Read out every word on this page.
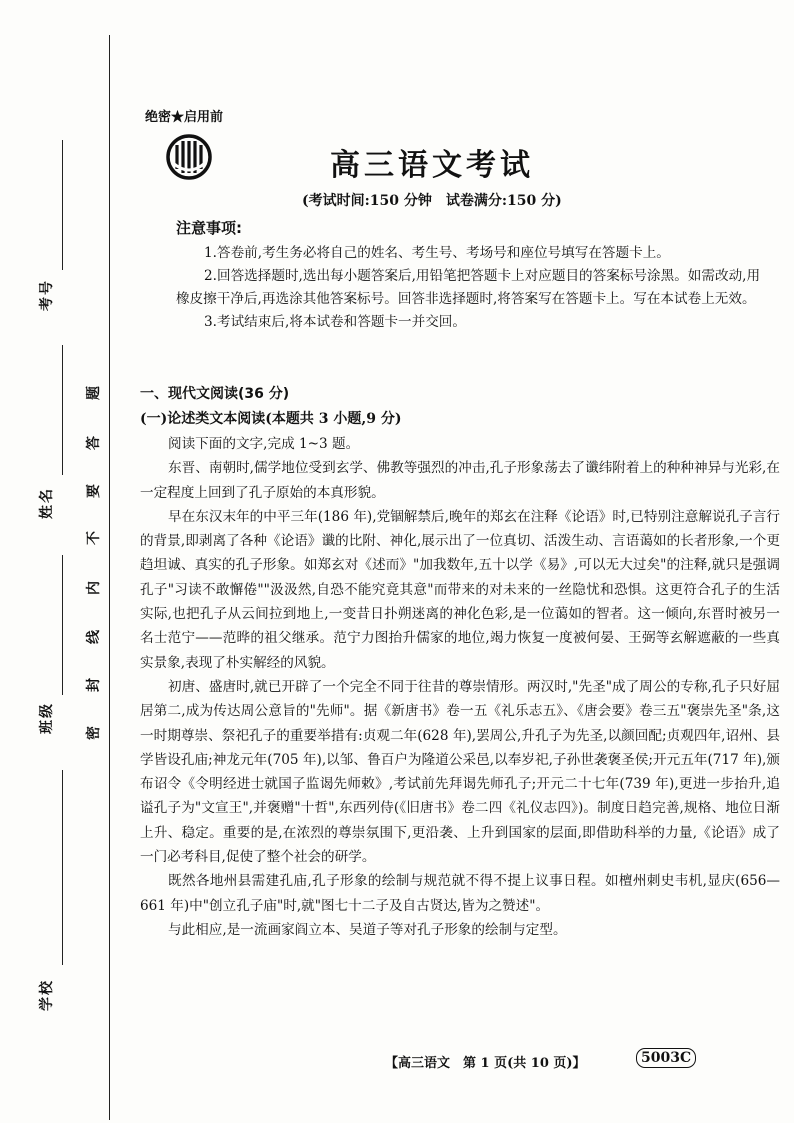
考号
姓名
班级
学校
题
答
要
不
内
线
封
密
绝密★启用前
高三语文考试
(考试时间:150 分钟　试卷满分:150 分)
注意事项:

1.答卷前,考生务必将自己的姓名、考生号、考场号和座位号填写在答题卡上。

2.回答选择题时,选出每小题答案后,用铅笔把答题卡上对应题目的答案标号涂黑。如需改动,用橡皮擦干净后,再选涂其他答案标号。回答非选择题时,将答案写在答题卡上。写在本试卷上无效。

3.考试结束后,将本试卷和答题卡一并交回。

一、现代文阅读(36 分)
(一)论述类文本阅读(本题共 3 小题,9 分)

阅读下面的文字,完成 1~3 题。

东晋、南朝时,儒学地位受到玄学、佛教等强烈的冲击,孔子形象荡去了谶纬附着上的种种神异与光彩,在一定程度上回到了孔子原始的本真形貌。

早在东汉末年的中平三年(186 年),党锢解禁后,晚年的郑玄在注释《论语》时,已特别注意解说孔子言行的背景,即剥离了各种《论语》谶的比附、神化,展示出了一位真切、活泼生动、言语蔼如的长者形象,一个更趋坦诚、真实的孔子形象。如郑玄对《述而》"加我数年,五十以学《易》,可以无大过矣"的注释,就只是强调孔子"习读不敢懈倦""汲汲然,自恐不能究竟其意"而带来的对未来的一丝隐忧和恐惧。这更符合孔子的生活实际,也把孔子从云间拉到地上,一变昔日扑朔迷离的神化色彩,是一位蔼如的智者。这一倾向,东晋时被另一名士范宁——范晔的祖父继承。范宁力图抬升儒家的地位,竭力恢复一度被何晏、王弼等玄解遮蔽的一些真实景象,表现了朴实解经的风貌。

初唐、盛唐时,就已开辟了一个完全不同于往昔的尊崇情形。两汉时,"先圣"成了周公的专称,孔子只好屈居第二,成为传达周公意旨的"先师"。据《新唐书》卷一五《礼乐志五》、《唐会要》卷三五"褒崇先圣"条,这一时期尊崇、祭祀孔子的重要举措有:贞观二年(628 年),罢周公,升孔子为先圣,以颜回配;贞观四年,诏州、县学皆设孔庙;神龙元年(705 年),以邹、鲁百户为隆道公采邑,以奉岁祀,子孙世袭褒圣侯;开元五年(717 年),颁布诏令《令明经进士就国子监谒先师敕》,考试前先拜谒先师孔子;开元二十七年(739 年),更进一步抬升,追谥孔子为"文宣王",并褒赠"十哲",东西列侍(《旧唐书》卷二四《礼仪志四》)。制度日趋完善,规格、地位日渐上升、稳定。重要的是,在浓烈的尊崇氛围下,更沿袭、上升到国家的层面,即借助科举的力量,《论语》成了一门必考科目,促使了整个社会的研学。

既然各地州县需建孔庙,孔子形象的绘制与规范就不得不提上议事日程。如檀州刺史韦机,显庆(656—661 年)中"创立孔子庙"时,就"图七十二子及自古贤达,皆为之赞述"。

与此相应,是一流画家阎立本、吴道子等对孔子形象的绘制与定型。

【高三语文　第 1 页(共 10 页)】	5003C
